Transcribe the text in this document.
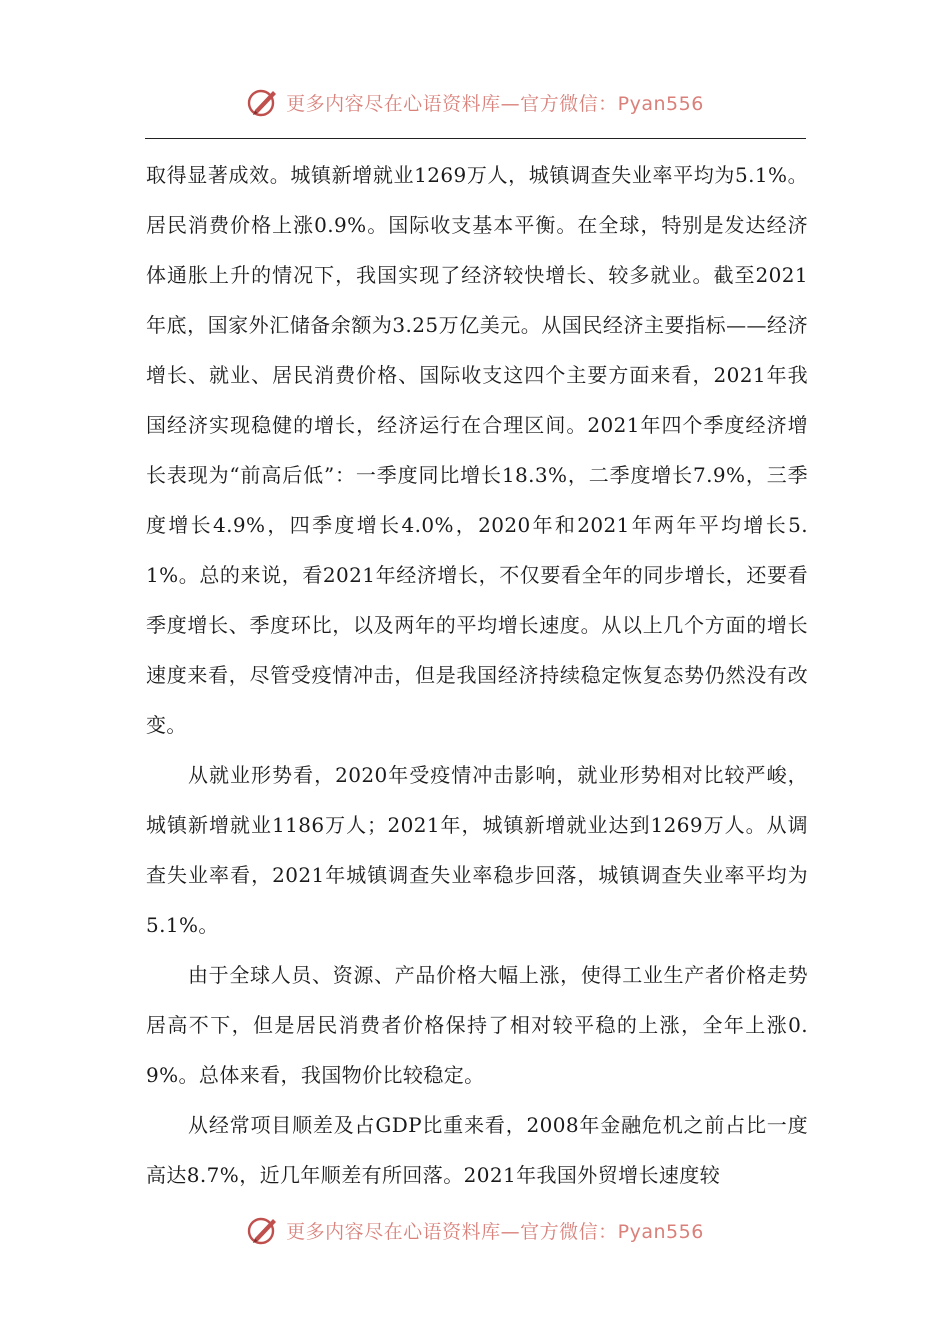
更多内容尽在心语资料库—官方微信：Pyan556

取得显著成效。城镇新增就业1269万人，城镇调查失业率平均为5.1%。居民消费价格上涨0.9%。国际收支基本平衡。在全球，特别是发达经济体通胀上升的情况下，我国实现了经济较快增长、较多就业。截至2021年底，国家外汇储备余额为3.25万亿美元。从国民经济主要指标——经济增长、就业、居民消费价格、国际收支这四个主要方面来看，2021年我国经济实现稳健的增长，经济运行在合理区间。2021年四个季度经济增长表现为“前高后低”：一季度同比增长18.3%，二季度增长7.9%，三季度增长4.9%，四季度增长4.0%，2020年和2021年两年平均增长5.1%。总的来说，看2021年经济增长，不仅要看全年的同步增长，还要看季度增长、季度环比，以及两年的平均增长速度。从以上几个方面的增长速度来看，尽管受疫情冲击，但是我国经济持续稳定恢复态势仍然没有改变。

从就业形势看，2020年受疫情冲击影响，就业形势相对比较严峻，城镇新增就业1186万人；2021年，城镇新增就业达到1269万人。从调查失业率看，2021年城镇调查失业率稳步回落，城镇调查失业率平均为5.1%。

由于全球人员、资源、产品价格大幅上涨，使得工业生产者价格走势居高不下，但是居民消费者价格保持了相对较平稳的上涨，全年上涨0.9%。总体来看，我国物价比较稳定。

从经常项目顺差及占GDP比重来看，2008年金融危机之前占比一度高达8.7%，近几年顺差有所回落。2021年我国外贸增长速度较

更多内容尽在心语资料库—官方微信：Pyan556
